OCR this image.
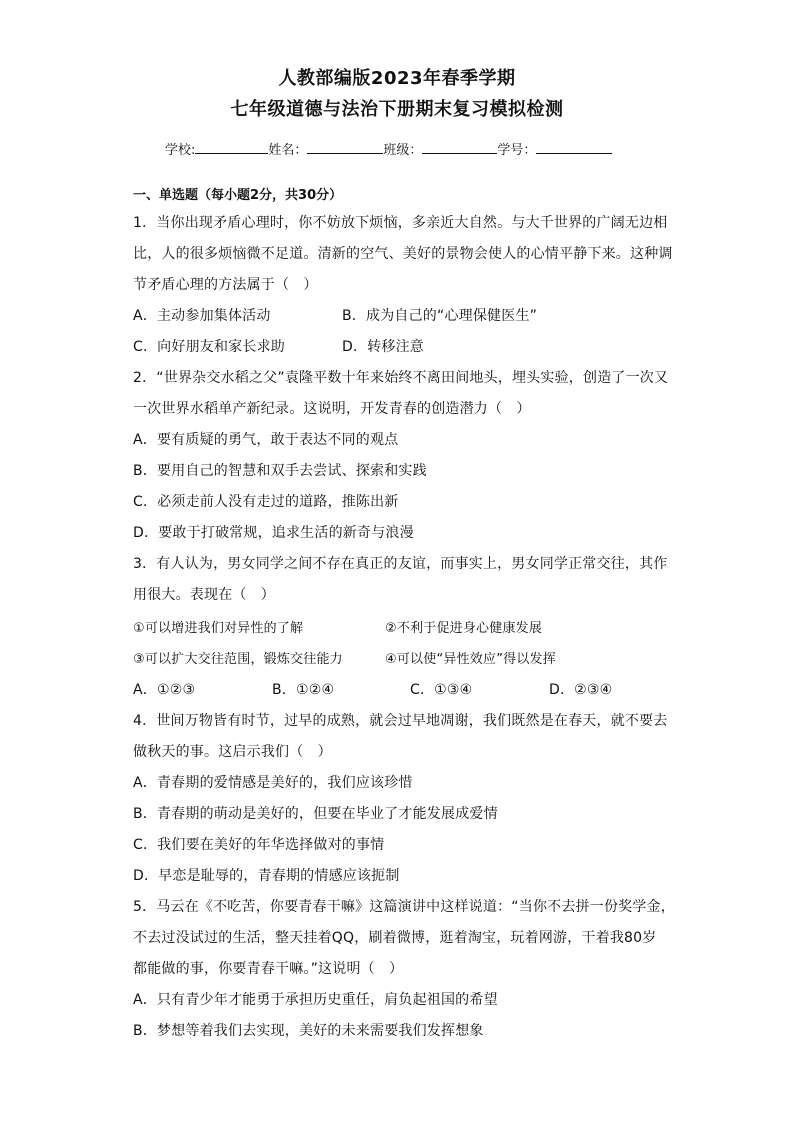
人教部编版2023年春季学期
七年级道德与法治下册期末复习模拟检测
学校:	姓名：	班级：	学号：
一、单选题（每小题2分，共30分）
1．当你出现矛盾心理时，你不妨放下烦恼，多亲近大自然。与大千世界的广阔无边相
比，人的很多烦恼微不足道。清新的空气、美好的景物会使人的心情平静下来。这种调
节矛盾心理的方法属于（　）
A．主动参加集体活动	B．成为自己的“心理保健医生”
C．向好朋友和家长求助	D．转移注意
2．“世界杂交水稻之父”袁隆平数十年来始终不离田间地头，埋头实验，创造了一次又
一次世界水稻单产新纪录。这说明，开发青春的创造潜力（　）
A．要有质疑的勇气，敢于表达不同的观点
B．要用自己的智慧和双手去尝试、探索和实践
C．必须走前人没有走过的道路，推陈出新
D．要敢于打破常规，追求生活的新奇与浪漫
3．有人认为，男女同学之间不存在真正的友谊，而事实上，男女同学正常交往，其作
用很大。表现在（　）
①可以增进我们对异性的了解	②不利于促进身心健康发展
③可以扩大交往范围，锻炼交往能力	④可以使“异性效应”得以发挥
A．①②③	B．①②④	C．①③④	D．②③④
4．世间万物皆有时节，过早的成熟，就会过早地凋谢，我们既然是在春天，就不要去
做秋天的事。这启示我们（　）
A．青春期的爱情感是美好的，我们应该珍惜
B．青春期的萌动是美好的，但要在毕业了才能发展成爱情
C．我们要在美好的年华选择做对的事情
D．早恋是耻辱的，青春期的情感应该扼制
5．马云在《不吃苦，你要青春干嘛》这篇演讲中这样说道：“当你不去拼一份奖学金，
不去过没试过的生活，整天挂着QQ，刷着微博，逛着淘宝，玩着网游，干着我80岁
都能做的事，你要青春干嘛。”这说明（　）
A．只有青少年才能勇于承担历史重任，肩负起祖国的希望
B．梦想等着我们去实现，美好的未来需要我们发挥想象
